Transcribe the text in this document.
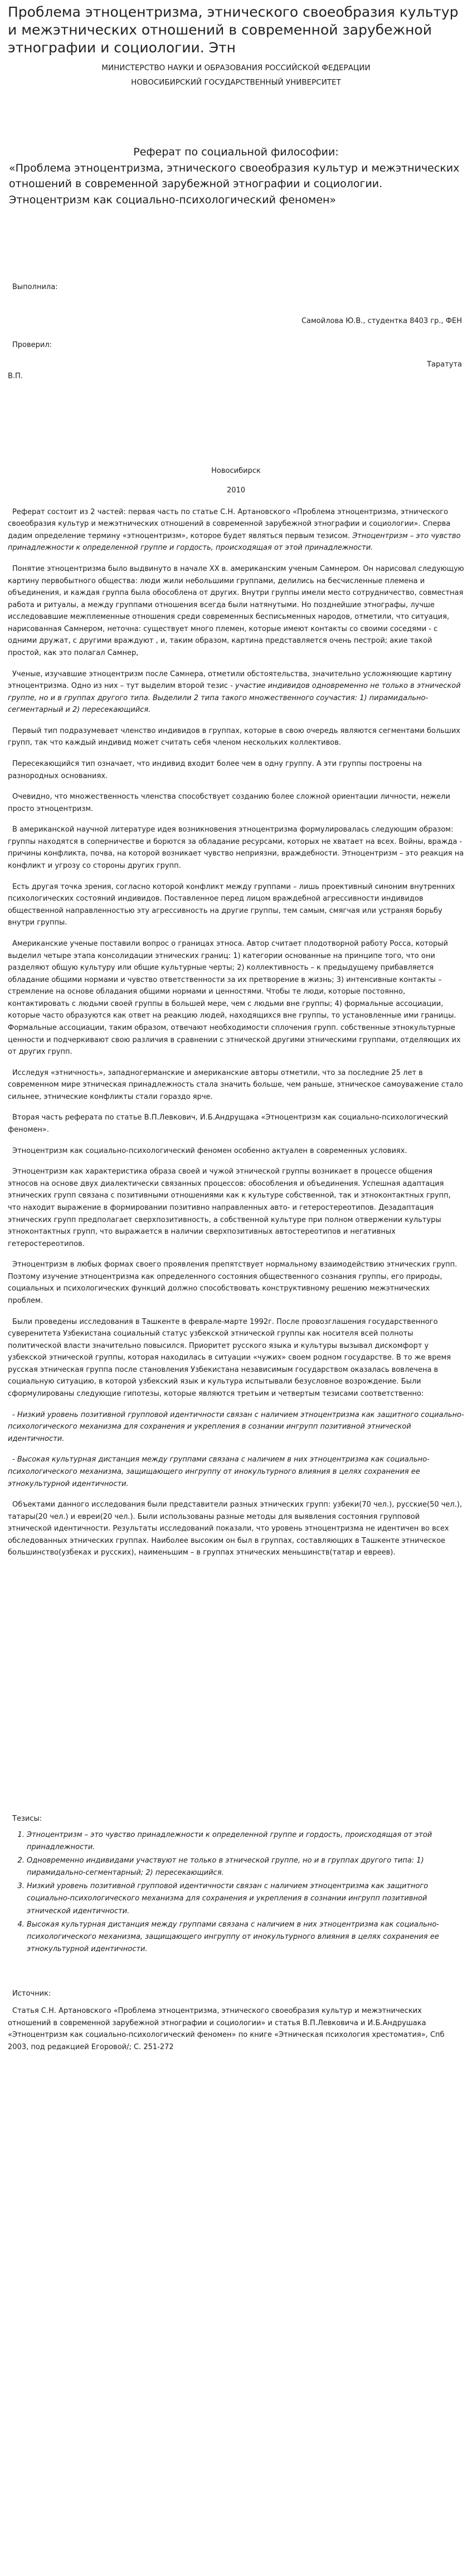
Проблема этноцентризма, этнического своеобразия культур и межэтнических отношений в современной зарубежной этнографии и социологии. Этн

МИНИСТЕРСТВО НАУКИ И ОБРАЗОВАНИЯ РОССИЙСКОЙ ФЕДЕРАЦИИ

НОВОСИБИРСКИЙ ГОСУДАРСТВЕННЫЙ УНИВЕРСИТЕТ

Реферат по социальной философии:
«Проблема этноцентризма, этнического своеобразия культур и межэтнических отношений в современной зарубежной этнографии и социологии. Этноцентризм как социально-психологический феномен»
Выполнила:
Самойлова Ю.В., студентка 8403 гр., ФЕН
Проверил:
Таратута

В.П.

Новосибирск
2010

Реферат состоит из 2 частей: первая часть по статье С.Н. Артановского «Проблема этноцентризма, этнического своеобразия культур и межэтнических отношений в современной зарубежной этнографии и социологии». Сперва дадим определение термину «этноцентризм», которое будет являться первым тезисом. Этноцентризм – это чувство принадлежности к определенной группе и гордость, происходящая от этой принадлежности.

Понятие этноцентризма было выдвинуто в начале XX в. американским ученым Самнером. Он нарисовал следующую картину первобытного общества: люди жили небольшими группами, делились на бесчисленные племена и объединения, и каждая группа была обособлена от других. Внутри группы имели место сотрудничество, совместная работа и ритуалы, а между группами отношения всегда были натянутыми. Но позднейшие этнографы, лучше исследовавшие межплеменные отношения среди современных бесписьменных народов, отметили, что ситуация, нарисованная Самнером, неточна: существует много племен, которые имеют контакты со своими соседями - с одними дружат, с другими враждуют , и, таким образом, картина представляется очень пестрой; акие такой простой, как это полагал Самнер,

Ученые, изучавшие этноцентризм после Самнера, отметили обстоятельства, значительно усложняющие картину этноцентризма. Одно из них – тут выделим второй тезис - участие индивидов одновременно не только в этнической группе, но и в группах другого типа. Выделили 2 типа такого множественного соучастия: 1) пирамидально-сегментарный и 2) пересекающийся.

Первый тип подразумевает членство индивидов в группах, которые в свою очередь являются сегментами больших групп, так что каждый индивид может считать себя членом нескольких коллективов.

Пересекающийся тип означает, что индивид входит более чем в одну группу. А эти группы построены на разнородных основаниях.

Очевидно, что множественность членства способствует созданию более сложной ориентации личности, нежели просто этноцентризм.

В американской научной литературе идея возникновения этноцентризма формулировалась следующим образом: группы находятся в соперничестве и борются за обладание ресурсами, которых не хватает на всех. Войны, вражда - причины конфликта, почва, на которой возникает чувство неприязни, враждебности. Этноцентризм – это реакция на конфликт и угрозу со стороны других групп.

Есть другая точка зрения, согласно которой конфликт между группами – лишь проективный синоним внутренних психологических состояний индивидов. Поставленное перед лицом враждебной агрессивности индивидов общественной направленностью эту агрессивность на другие группы, тем самым, смягчая или устраняя борьбу внутри группы.

Американские ученые поставили вопрос о границах этноса. Автор считает плодотворной работу Росса, который выделил четыре этапа консолидации этнических границ: 1) категории основанные на принципе того, что они разделяют общую культуру или общие культурные черты; 2) коллективность – к предыдущему прибавляется обладание общими нормами и чувство ответственности за их претворение в жизнь; 3) интенсивные контакты – стремление на основе обладания общими нормами и ценностями. Чтобы те люди, которые постоянно, контактировать с людьми своей группы в большей мере, чем с людьми вне группы; 4) формальные ассоциации, которые часто образуются как ответ на реакцию людей, находящихся вне группы, то установленные ими границы. Формальные ассоциации, таким образом, отвечают необходимости сплочения групп. собственные этнокультурные ценности и подчеркивают свою различия в сравнении с этнической другими этническими группами, отделяющих их от других групп.

Исследуя «этничность», западногерманские и американские авторы отметили, что за последние 25 лет в современном мире этническая принадлежность стала значить больше, чем раньше, этническое самоуважение стало сильнее, этнические конфликты стали гораздо ярче.

Вторая часть реферата по статье В.П.Левкович, И.Б.Андрущака «Этноцентризм как социально-психологический феномен».

Этноцентризм как социально-психологический феномен особенно актуален в современных условиях.

Этноцентризм как характеристика образа своей и чужой этнической группы возникает в процессе общения этносов на основе двух диалектически связанных процессов: обособления и объединения. Успешная адаптация этнических групп связана с позитивными отношениями как к культуре собственной, так и этноконтактных групп, что находит выражение в формировании позитивно направленных авто- и гетеростереотипов. Дезадаптация этнических групп предполагает сверхпозитивность, а собственной культуре при полном отвержении культуры этноконтактных групп, что выражается в наличии сверхпозитивных автостереотипов и негативных гетеростереотипов.

Этноцентризм в любых формах своего проявления препятствует нормальному взаимодействию этнических групп. Поэтому изучение этноцентризма как определенного состояния общественного сознания группы, его природы, социальных и психологических функций должно способствовать конструктивному решению межэтнических проблем.

Были проведены исследования в Ташкенте в феврале-марте 1992г. После провозглашения государственного суверенитета Узбекистана социальный статус узбекской этнической группы как носителя всей полноты политической власти значительно повысился. Приоритет русского языка и культуры вызывал дискомфорт у узбекской этнической группы, которая находилась в ситуации «чужих» своем родном государстве. В то же время русская этническая группа после становления Узбекистана независимым государством оказалась вовлечена в социальную ситуацию, в которой узбекский язык и культура испытывали безусловное возрождение. Были сформулированы следующие гипотезы, которые являются третьим и четвертым тезисами соответственно:

- Низкий уровень позитивной групповой идентичности связан с наличием этноцентризма как защитного социально-психологического механизма для сохранения и укрепления в сознании ингрупп позитивной этнической идентичности.

- Высокая культурная дистанция между группами связана с наличием в них этноцентризма как социально-психологического механизма, защищающего ингруппу от инокультурного влияния в целях сохранения ее этнокультурной идентичности.

Объектами данного исследования были представители разных этнических групп: узбеки(70 чел.), русские(50 чел.), татары(20 чел.) и евреи(20 чел.). Были использованы разные методы для выявления состояния групповой этнической идентичности. Результаты исследований показали, что уровень этноцентризма не идентичен во всех обследованных этнических группах. Наиболее высоким он был в группах, составляющих в Ташкенте этническое большинство(узбеках и русских), наименьшим – в группах этнических меньшинств(татар и евреев).

Тезисы:
1. Этноцентризм – это чувство принадлежности к определенной группе и гордость, происходящая от этой принадлежности.
2. Одновременно индивидами участвуют не только в этнической группе, но и в группах другого типа: 1) пирамидально-сегментарный; 2) пересекающийся.
3. Низкий уровень позитивной групповой идентичности связан с наличием этноцентризма как защитного социально-психологического механизма для сохранения и укрепления в сознании ингрупп позитивной этнической идентичности.
4. Высокая культурная дистанция между группами связана с наличием в них этноцентризма как социально-психологического механизма, защищающего ингруппу от инокультурного влияния в целях сохранения ее этнокультурной идентичности.
Источник:

Статья С.Н. Артановского «Проблема этноцентризма, этнического своеобразия культур и межэтнических отношений в современной зарубежной этнографии и социологии» и статья В.П.Левковича и И.Б.Андрушака «Этноцентризм как социально-психологический феномен» по книге «Этническая психология хрестоматия», Спб 2003, под редакцией Егоровой/; С. 251-272
